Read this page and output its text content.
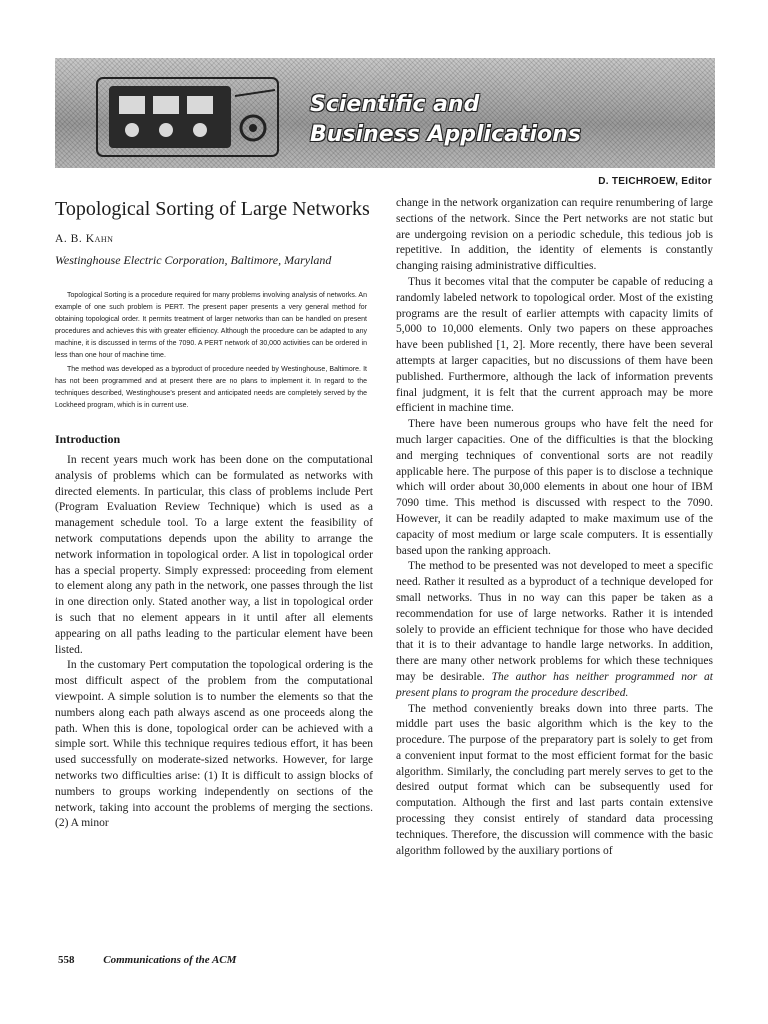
Scientific and
Business Applications
D. TEICHROEW, Editor
Topological Sorting of Large Networks
A. B. Kahn
Westinghouse Electric Corporation, Baltimore, Maryland

Topological Sorting is a procedure required for many problems involving analysis of networks. An example of one such problem is PERT. The present paper presents a very general method for obtaining topological order. It permits treatment of larger networks than can be handled on present procedures and achieves this with greater efficiency. Although the procedure can be adapted to any machine, it is discussed in terms of the 7090. A PERT network of 30,000 activities can be ordered in less than one hour of machine time.

The method was developed as a byproduct of procedure needed by Westinghouse, Baltimore. It has not been programmed and at present there are no plans to implement it. In regard to the techniques described, Westinghouse's present and anticipated needs are completely served by the Lockheed program, which is in current use.

Introduction

In recent years much work has been done on the computational analysis of problems which can be formulated as networks with directed elements. In particular, this class of problems include Pert (Program Evaluation Review Technique) which is used as a management schedule tool. To a large extent the feasibility of network computations depends upon the ability to arrange the network information in topological order. A list in topological order has a special property. Simply expressed: proceeding from element to element along any path in the network, one passes through the list in one direction only. Stated another way, a list in topological order is such that no element appears in it until after all elements appearing on all paths leading to the particular element have been listed.

In the customary Pert computation the topological ordering is the most difficult aspect of the problem from the computational viewpoint. A simple solution is to number the elements so that the numbers along each path always ascend as one proceeds along the path. When this is done, topological order can be achieved with a simple sort. While this technique requires tedious effort, it has been used successfully on moderate-sized networks. However, for large networks two difficulties arise: (1) It is difficult to assign blocks of numbers to groups working independently on sections of the network, taking into account the problems of merging the sections. (2) A minor

change in the network organization can require renumbering of large sections of the network. Since the Pert networks are not static but are undergoing revision on a periodic schedule, this tedious job is repetitive. In addition, the identity of elements is constantly changing raising administrative difficulties.

Thus it becomes vital that the computer be capable of reducing a randomly labeled network to topological order. Most of the existing programs are the result of earlier attempts with capacity limits of 5,000 to 10,000 elements. Only two papers on these approaches have been published [1, 2]. More recently, there have been several attempts at larger capacities, but no discussions of them have been published. Furthermore, although the lack of information prevents final judgment, it is felt that the current approach may be more efficient in machine time.

There have been numerous groups who have felt the need for much larger capacities. One of the difficulties is that the blocking and merging techniques of conventional sorts are not readily applicable here. The purpose of this paper is to disclose a technique which will order about 30,000 elements in about one hour of IBM 7090 time. This method is discussed with respect to the 7090. However, it can be readily adapted to make maximum use of the capacity of most medium or large scale computers. It is essentially based upon the ranking approach.

The method to be presented was not developed to meet a specific need. Rather it resulted as a byproduct of a technique developed for small networks. Thus in no way can this paper be taken as a recommendation for use of large networks. Rather it is intended solely to provide an efficient technique for those who have decided that it is to their advantage to handle large networks. In addition, there are many other network problems for which these techniques may be desirable. The author has neither programmed nor at present plans to program the procedure described.

The method conveniently breaks down into three parts. The middle part uses the basic algorithm which is the key to the procedure. The purpose of the preparatory part is solely to get from a convenient input format to the most efficient format for the basic algorithm. Similarly, the concluding part merely serves to get to the desired output format which can be subsequently used for computation. Although the first and last parts contain extensive processing they consist entirely of standard data processing techniques. Therefore, the discussion will commence with the basic algorithm followed by the auxiliary portions of

558	Communications of the ACM
